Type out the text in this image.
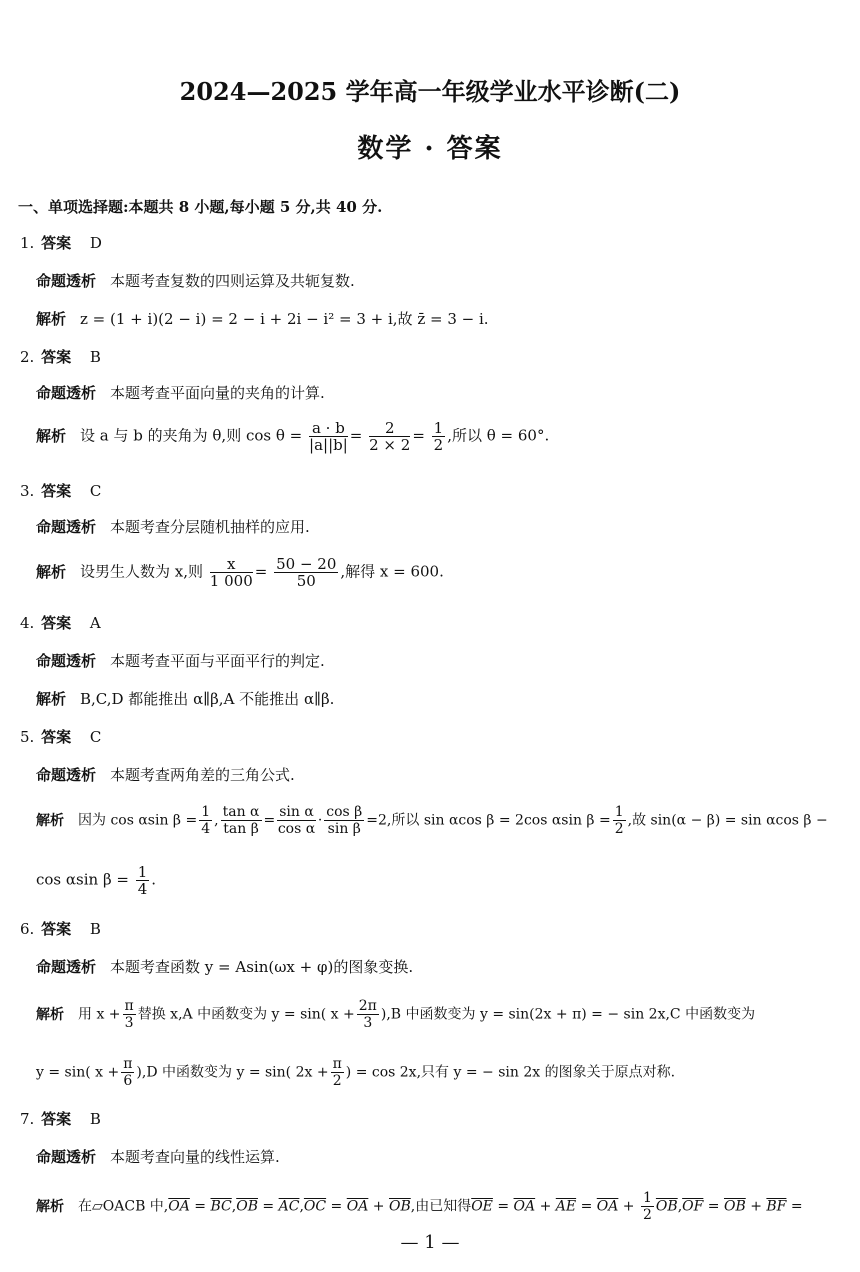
2024—2025 学年高一年级学业水平诊断(二)
数学 · 答案
一、单项选择题:本题共 8 小题,每小题 5 分,共 40 分.
1. 答案 D
命题透析 本题考查复数的四则运算及共轭复数.
解析 z = (1 + i)(2 − i) = 2 − i + 2i − i² = 3 + i,故 z̄ = 3 − i.
2. 答案 B
命题透析 本题考查平面向量的夹角的计算.
解析 设 a 与 b 的夹角为 θ,则 $\cos \theta = \frac{a \cdot b}{|a||b|} = \frac{2}{2 \times 2} = \frac{1}{2}$ ,所以 θ = 60°.
3. 答案 C
命题透析 本题考查分层随机抽样的应用.
解析 设男生人数为 x,则 $\frac{x}{1 000} = \frac{50 - 20}{50}$ ,解得 x = 600.
4. 答案 A
命题透析 本题考查平面与平面平行的判定.
解析 B,C,D 都能推出 α∥β,A 不能推出 α∥β.
5. 答案 C
命题透析 本题考查两角差的三角公式.
解析 因为 cos αsin $\beta = \frac{1}{4}$ , $\frac{\text{tan α}}{\text{tan β}} = \frac{\text{sin α}}{\text{cos α}} \cdot \frac{\text{cos β}}{\text{sin β}} =2$,所以 sin αcos β = 2cos αsin $\beta = \frac{1}{2}$ ,故 sin(α − β) = sin αcos β −
cos αsin $\beta = \frac{1}{4}$ .
6. 答案 B
命题透析 本题考查函数 y = Asin(ωx + φ)的图象变换.
解析 用 $x + \frac{\pi}{3}$ 替换 x,A 中函数变为 y = sin( $x + \frac{2\pi}{3} ),B$ 中函数变为 y = sin(2x + π) = − sin 2x,C 中函数变为
y = sin( $x + \frac{\pi}{6} ),D$ 中函数变为 y = sin( $2x + \frac{\pi}{2}$ ) = cos 2x,只有 y = − sin 2x 的图象关于原点对称.
7. 答案 B
命题透析 本题考查向量的线性运算.
解析 在▱OACB 中$,\overline{OA} = \overline{BC},\overline{OB} = \overline{AC},\overline{OC} = \overline{OA} + \overline{OB}$,由已知得$\overline{OE} = \overline{OA} + \overline{AE} = \overline{OA} + \frac{1}{2} \overline{OB},\overline{OF} = \overline{OB} + \overline{BF}$ =
— 1 —
